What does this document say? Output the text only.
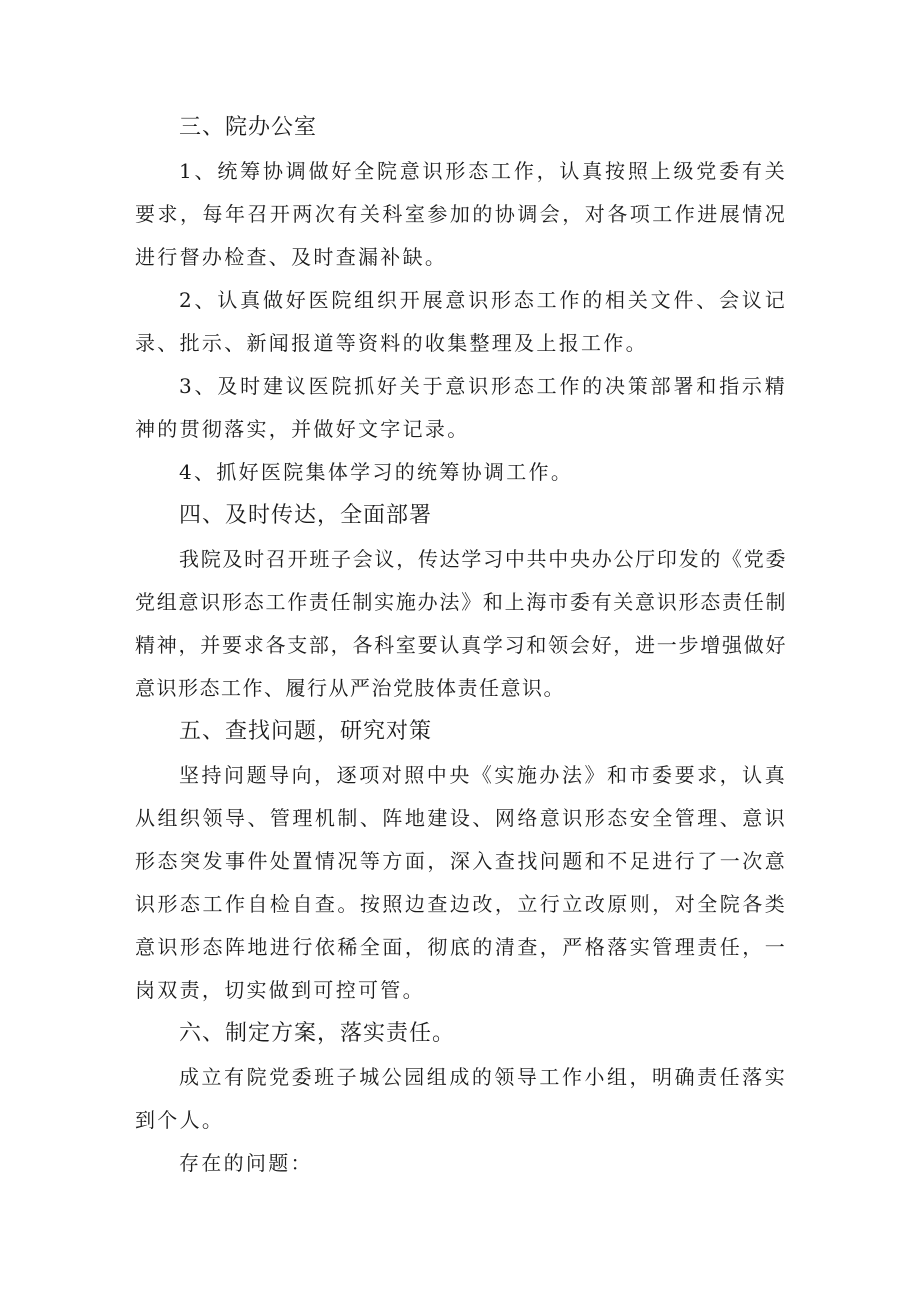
三、院办公室

1、统筹协调做好全院意识形态工作，认真按照上级党委有关要求，每年召开两次有关科室参加的协调会，对各项工作进展情况进行督办检查、及时查漏补缺。

2、认真做好医院组织开展意识形态工作的相关文件、会议记录、批示、新闻报道等资料的收集整理及上报工作。

3、及时建议医院抓好关于意识形态工作的决策部署和指示精神的贯彻落实，并做好文字记录。

4、抓好医院集体学习的统筹协调工作。

四、及时传达，全面部署

我院及时召开班子会议，传达学习中共中央办公厅印发的《党委党组意识形态工作责任制实施办法》和上海市委有关意识形态责任制精神，并要求各支部，各科室要认真学习和领会好，进一步增强做好意识形态工作、履行从严治党肢体责任意识。

五、查找问题，研究对策

坚持问题导向，逐项对照中央《实施办法》和市委要求，认真从组织领导、管理机制、阵地建设、网络意识形态安全管理、意识形态突发事件处置情况等方面，深入查找问题和不足进行了一次意识形态工作自检自查。按照边查边改，立行立改原则，对全院各类意识形态阵地进行依稀全面，彻底的清查，严格落实管理责任，一岗双责，切实做到可控可管。

六、制定方案，落实责任。

成立有院党委班子城公园组成的领导工作小组，明确责任落实到个人。

存在的问题：
